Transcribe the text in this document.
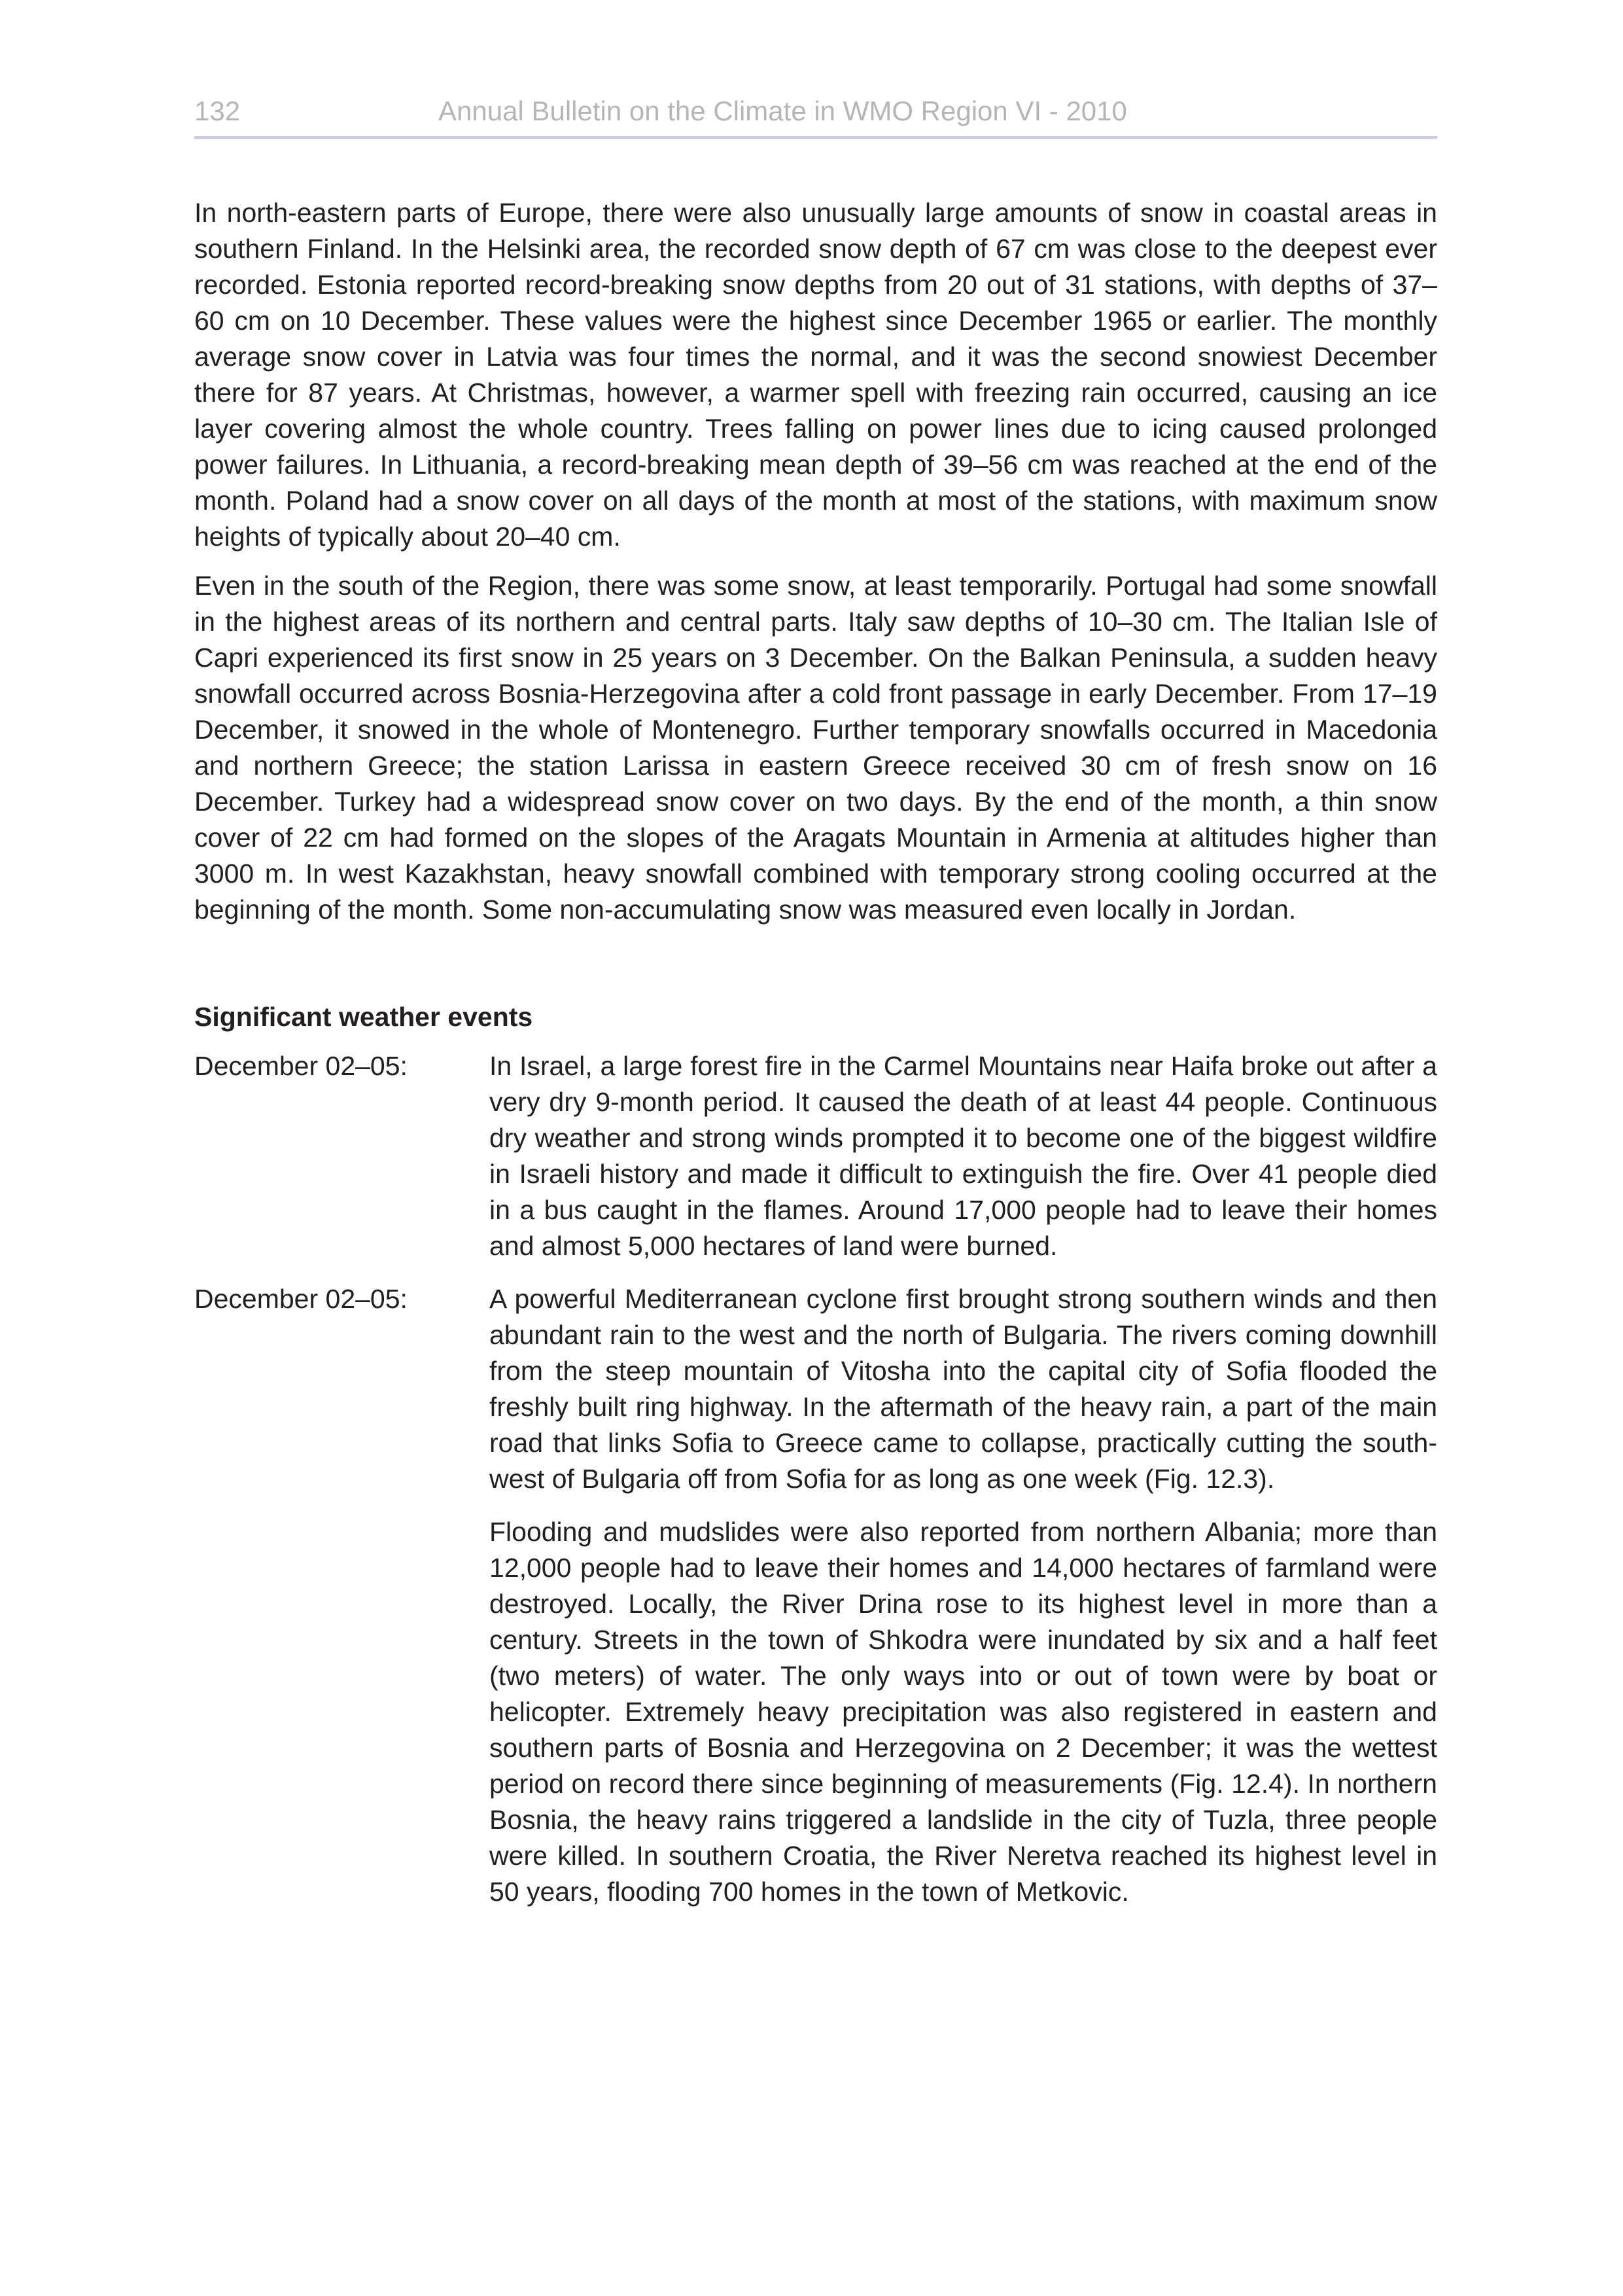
132	Annual Bulletin on the Climate in WMO Region VI - 2010

In north-eastern parts of Europe, there were also unusually large amounts of snow in coastal areas in southern Finland. In the Helsinki area, the recorded snow depth of 67 cm was close to the deepest ever recorded. Estonia reported record-breaking snow depths from 20 out of 31 stations, with depths of 37–60 cm on 10 December. These values were the highest since December 1965 or earlier. The monthly average snow cover in Latvia was four times the normal, and it was the second snowiest December there for 87 years. At Christmas, however, a warmer spell with freezing rain occurred, causing an ice layer covering almost the whole country. Trees falling on power lines due to icing caused prolonged power failures. In Lithuania, a record-breaking mean depth of 39–56 cm was reached at the end of the month. Poland had a snow cover on all days of the month at most of the stations, with maximum snow heights of typically about 20–40 cm.

Even in the south of the Region, there was some snow, at least temporarily. Portugal had some snowfall in the highest areas of its northern and central parts. Italy saw depths of 10–30 cm. The Italian Isle of Capri experienced its first snow in 25 years on 3 December. On the Balkan Peninsula, a sudden heavy snowfall occurred across Bosnia-Herzegovina after a cold front passage in early December. From 17–19 December, it snowed in the whole of Montenegro. Further temporary snowfalls occurred in Macedonia and northern Greece; the station Larissa in eastern Greece received 30 cm of fresh snow on 16 December. Turkey had a widespread snow cover on two days. By the end of the month, a thin snow cover of 22 cm had formed on the slopes of the Aragats Mountain in Armenia at altitudes higher than 3000 m. In west Kazakhstan, heavy snowfall combined with temporary strong cooling occurred at the beginning of the month. Some non-accumulating snow was measured even locally in Jordan.

Significant weather events
December 02–05:	In Israel, a large forest fire in the Carmel Mountains near Haifa broke out after a very dry 9-month period. It caused the death of at least 44 people. Continuous dry weather and strong winds prompted it to become one of the biggest wildfire in Israeli history and made it difficult to extinguish the fire. Over 41 people died in a bus caught in the flames. Around 17,000 people had to leave their homes and almost 5,000 hectares of land were burned.

December 02–05:	A powerful Mediterranean cyclone first brought strong southern winds and then abundant rain to the west and the north of Bulgaria. The rivers coming downhill from the steep mountain of Vitosha into the capital city of Sofia flooded the freshly built ring highway. In the aftermath of the heavy rain, a part of the main road that links Sofia to Greece came to collapse, practically cutting the south-west of Bulgaria off from Sofia for as long as one week (Fig. 12.3).

Flooding and mudslides were also reported from northern Albania; more than 12,000 people had to leave their homes and 14,000 hectares of farmland were destroyed. Locally, the River Drina rose to its highest level in more than a century. Streets in the town of Shkodra were inundated by six and a half feet (two meters) of water. The only ways into or out of town were by boat or helicopter. Extremely heavy precipitation was also registered in eastern and southern parts of Bosnia and Herzegovina on 2 December; it was the wettest period on record there since beginning of measurements (Fig. 12.4). In northern Bosnia, the heavy rains triggered a landslide in the city of Tuzla, three people were killed. In southern Croatia, the River Neretva reached its highest level in 50 years, flooding 700 homes in the town of Metkovic.
